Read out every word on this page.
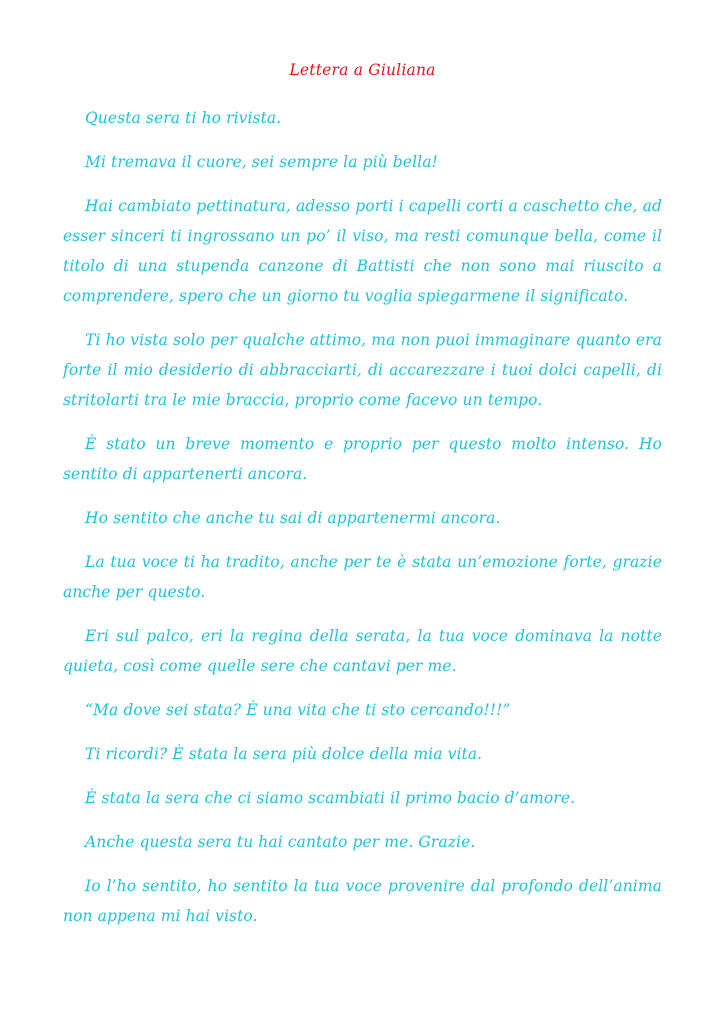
Lettera a Giuliana

Questa sera ti ho rivista.

Mi tremava il cuore, sei sempre la più bella!

Hai cambiato pettinatura, adesso porti i capelli corti a caschetto che, ad esser sinceri ti ingrossano un po’ il viso, ma resti comunque bella, come il titolo di una stupenda canzone di Battisti che non sono mai riuscito a comprendere, spero che un giorno tu voglia spiegarmene il significato.

Ti ho vista solo per qualche attimo, ma non puoi immaginare quanto era forte il mio desiderio di abbracciarti, di accarezzare i tuoi dolci capelli, di stritolarti tra le mie braccia, proprio come facevo un tempo.

È stato un breve momento e proprio per questo molto intenso. Ho sentito di appartenerti ancora.

Ho sentito che anche tu sai di appartenermi ancora.

La tua voce ti ha tradito, anche per te è stata un’emozione forte, grazie anche per questo.

Eri sul palco, eri la regina della serata, la tua voce dominava la notte quieta, così come quelle sere che cantavi per me.

“Ma dove sei stata? È una vita che ti sto cercando!!!”

Ti ricordi? È stata la sera più dolce della mia vita.

È stata la sera che ci siamo scambiati il primo bacio d’amore.

Anche questa sera tu hai cantato per me. Grazie.

Io l’ho sentito, ho sentito la tua voce provenire dal profondo dell’anima non appena mi hai visto.
